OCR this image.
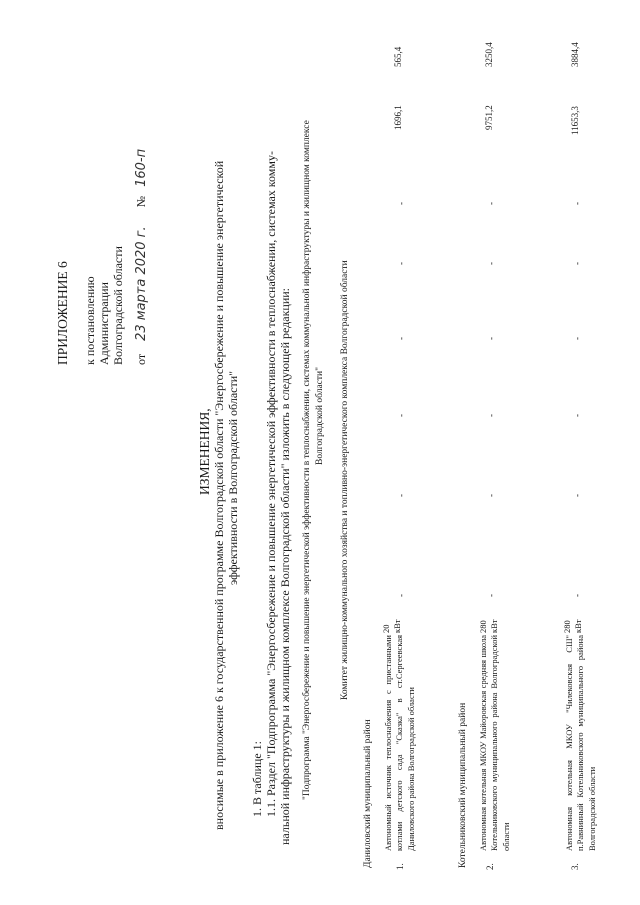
ПРИЛОЖЕНИЕ 6 к постановлению Администрации Волгоградской области от 23 марта 2020 г. № 160-п
ИЗМЕНЕНИЯ, вносимые в приложение 6 к государственной программе Волгоградской области "Энергосбережение и повышение энергетической эффективности в Волгоградской области"
1. В таблице 1: 1.1. Раздел "Подпрограмма "Энергосбережение и повышение энергетической эффективности в теплоснабжении, системах комму- нальной инфраструктуры и жилищном комплексе Волгоградской области" изложить в следующей редакции: "Подпрограмма "Энергосбережение и повышение энергетической эффективности в теплоснабжении, системах коммунальной инфраструктуры и жилищном комплексе Волгоградской области" Комитет жилищно-коммунального хозяйства и топливно-энергетического комплекса Волгоградской области
Даниловский муниципальный район 1.
Автономный источник теплоснабжения с пристанными котлами детского сада "Сказка" в ст.Сергеевская Даниловского района Волгоградской области
20 кВт
-
-
-
-
-
-
1696,1
565,4
Котельниковский муниципальный район 2.
Автономная котельная МКОУ Майоровская средняя школа Котельниковского муниципального района Волгоградской области
280 кВт
-
-
-
-
-
-
9751,2
3250,4
3.
Автономная котельная МКОУ "Чилековская СШ" п.Равнинный Котельниковского муниципального района Волгоградской области
280 кВт
-
-
-
-
-
-
11653,3
3884,4
